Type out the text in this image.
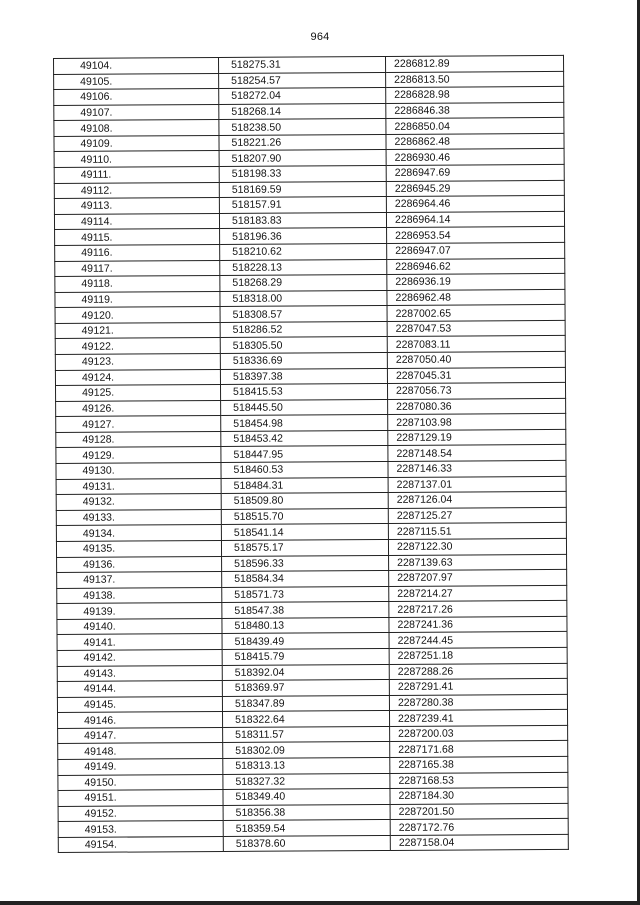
964
49104.	518275.31	2286812.89
49105.	518254.57	2286813.50
49106.	518272.04	2286828.98
49107.	518268.14	2286846.38
49108.	518238.50	2286850.04
49109.	518221.26	2286862.48
49110.	518207.90	2286930.46
49111.	518198.33	2286947.69
49112.	518169.59	2286945.29
49113.	518157.91	2286964.46
49114.	518183.83	2286964.14
49115.	518196.36	2286953.54
49116.	518210.62	2286947.07
49117.	518228.13	2286946.62
49118.	518268.29	2286936.19
49119.	518318.00	2286962.48
49120.	518308.57	2287002.65
49121.	518286.52	2287047.53
49122.	518305.50	2287083.11
49123.	518336.69	2287050.40
49124.	518397.38	2287045.31
49125.	518415.53	2287056.73
49126.	518445.50	2287080.36
49127.	518454.98	2287103.98
49128.	518453.42	2287129.19
49129.	518447.95	2287148.54
49130.	518460.53	2287146.33
49131.	518484.31	2287137.01
49132.	518509.80	2287126.04
49133.	518515.70	2287125.27
49134.	518541.14	2287115.51
49135.	518575.17	2287122.30
49136.	518596.33	2287139.63
49137.	518584.34	2287207.97
49138.	518571.73	2287214.27
49139.	518547.38	2287217.26
49140.	518480.13	2287241.36
49141.	518439.49	2287244.45
49142.	518415.79	2287251.18
49143.	518392.04	2287288.26
49144.	518369.97	2287291.41
49145.	518347.89	2287280.38
49146.	518322.64	2287239.41
49147.	518311.57	2287200.03
49148.	518302.09	2287171.68
49149.	518313.13	2287165.38
49150.	518327.32	2287168.53
49151.	518349.40	2287184.30
49152.	518356.38	2287201.50
49153.	518359.54	2287172.76
49154.	518378.60	2287158.04
